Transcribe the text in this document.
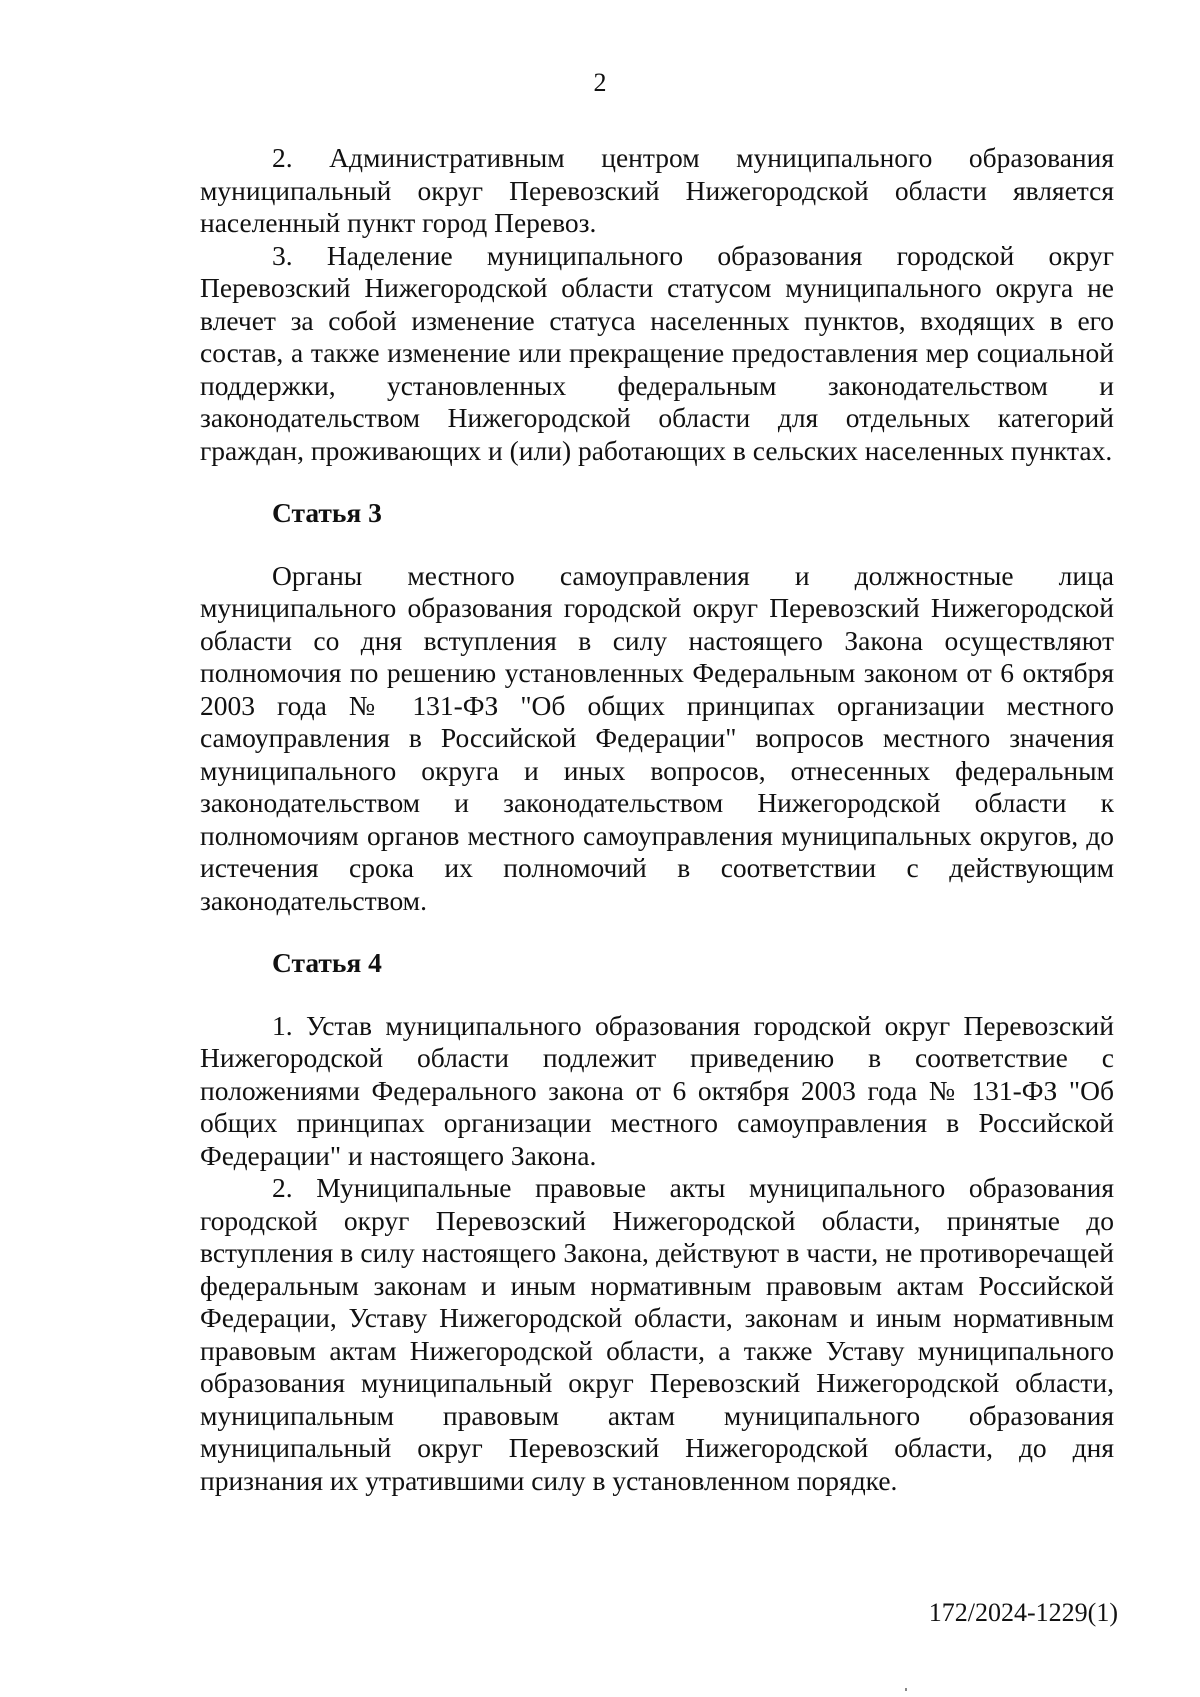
2

2. Административным центром муниципального образования муниципальный округ Перевозский Нижегородской области является населенный пункт город Перевоз.

3. Наделение муниципального образования городской округ Перевозский Нижегородской области статусом муниципального округа не влечет за собой изменение статуса населенных пунктов, входящих в его состав, а также изменение или прекращение предоставления мер социальной поддержки, установленных федеральным законодательством и законодательством Нижегородской области для отдельных категорий граждан, проживающих и (или) работающих в сельских населенных пунктах.

Статья 3

Органы местного самоуправления и должностные лица муниципального образования городской округ Перевозский Нижегородской области со дня вступления в силу настоящего Закона осуществляют полномочия по решению установленных Федеральным законом от 6 октября 2003 года № 131-ФЗ "Об общих принципах организации местного самоуправления в Российской Федерации" вопросов местного значения муниципального округа и иных вопросов, отнесенных федеральным законодательством и законодательством Нижегородской области к полномочиям органов местного самоуправления муниципальных округов, до истечения срока их полномочий в соответствии с действующим законодательством.

Статья 4

1. Устав муниципального образования городской округ Перевозский Нижегородской области подлежит приведению в соответствие с положениями Федерального закона от 6 октября 2003 года № 131-ФЗ "Об общих принципах организации местного самоуправления в Российской Федерации" и настоящего Закона.

2. Муниципальные правовые акты муниципального образования городской округ Перевозский Нижегородской области, принятые до вступления в силу настоящего Закона, действуют в части, не противоречащей федеральным законам и иным нормативным правовым актам Российской Федерации, Уставу Нижегородской области, законам и иным нормативным правовым актам Нижегородской области, а также Уставу муниципального образования муниципальный округ Перевозский Нижегородской области, муниципальным правовым актам муниципального образования муниципальный округ Перевозский Нижегородской области, до дня признания их утратившими силу в установленном порядке.

172/2024-1229(1)
